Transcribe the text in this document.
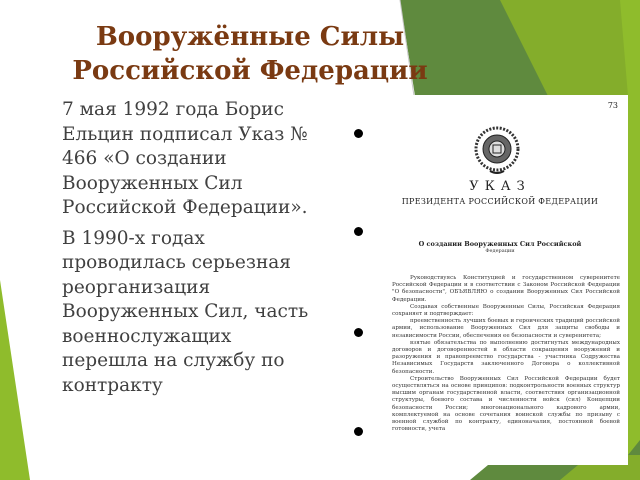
Вооружённые Силы Российской Федерации

7 мая 1992 года Борис Ельцин подписал Указ № 466 «О создании Вооруженных Сил Российской Федерации».

В 1990-х годах проводилась серьезная реорганизация Вооруженных Сил, часть военнослужащих перешла на службу по контракту

73
УКАЗ
ПРЕЗИДЕНТА РОССИЙСКОЙ ФЕДЕРАЦИИ
О создании Вооруженных Сил Российской
Федерации

Руководствуясь Конституцией и государственном суверенитете Российской Федерации и в соответствии с Законом Российской Федерации "О безопасности", ОБЪЯВЛЯЮ о создании Вооруженных Сил Российской Федерации.

Создавая собственные Вооруженные Силы, Российская Федерация сохраняет и подтверждает:

преемственность лучших боевых и героических традиций российской армии, использование Вооруженных Сил для защиты свободы и независимости России, обеспечения ее безопасности и суверенитета;

взятые обязательства по выполнению достигнутых международных договоров и договоренностей в области сокращения вооружений и разоружения и правопреемство государства - участника Содружества Независимых Государств заключенного Договора о коллективной безопасности.

Строительство Вооруженных Сил Российской Федерации будет осуществляться на основе принципов: подконтрольности военных структур высшим органам государственной власти, соответствия организационной структуры, боевого состава и численности войск (сил) Концепции безопасности России; многонационального кадрового армии, комплектуемой на основе сочетания воинской службы по призыву с военной службой по контракту, единоначалия, постоянной боевой готовности, учета
